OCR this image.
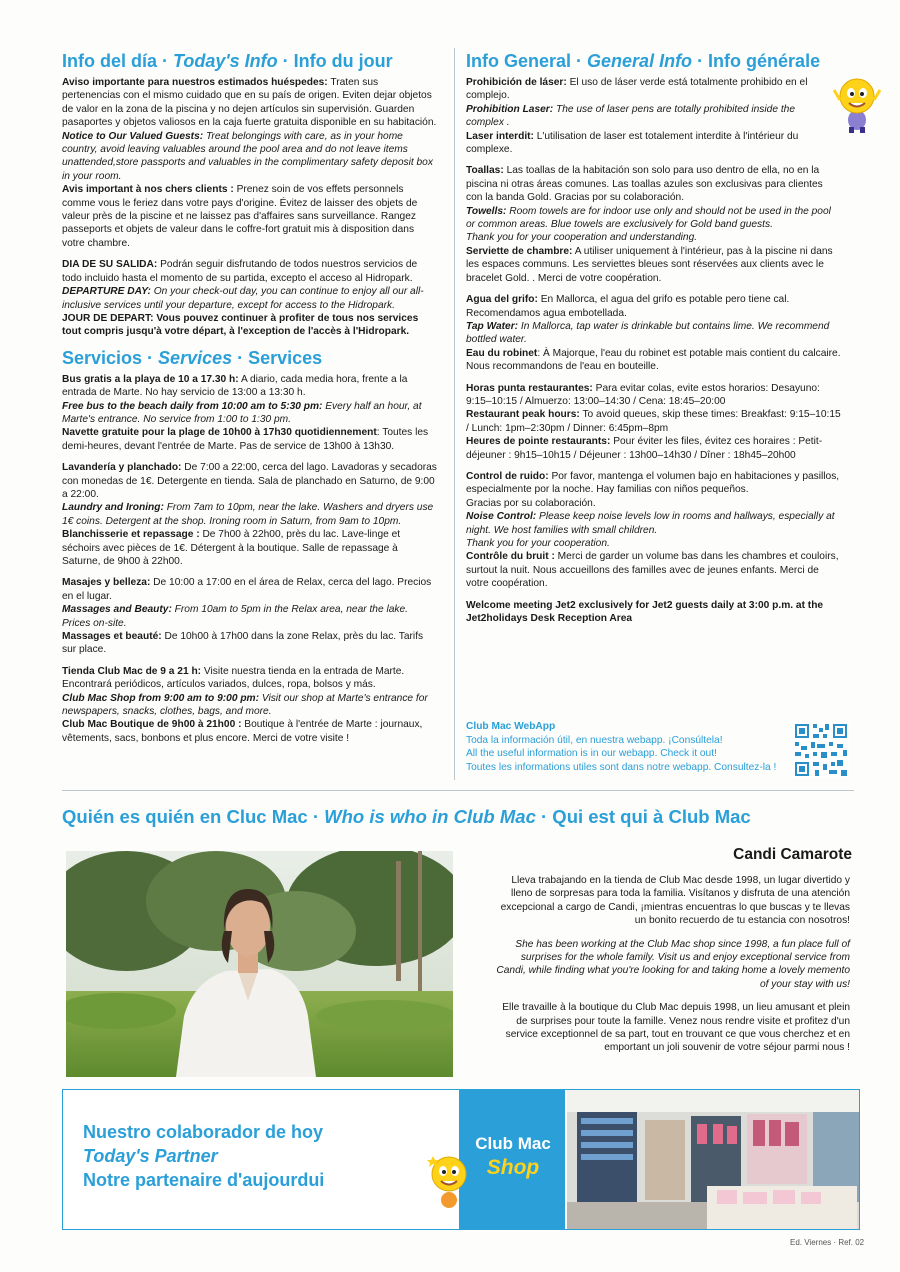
Info del día · Today's Info · Info du jour
Aviso importante para nuestros estimados huéspedes: Traten sus pertenencias con el mismo cuidado que en su país de origen. Eviten dejar objetos de valor en la zona de la piscina y no dejen artículos sin supervisión. Guarden pasaportes y objetos valiosos en la caja fuerte gratuita disponible en su habitación.
Notice to Our Valued Guests: Treat belongings with care, as in your home country, avoid leaving valuables around the pool area and do not leave items unattended,store passports and valuables in the complimentary safety deposit box in your room.
Avis important à nos chers clients : Prenez soin de vos effets personnels comme vous le feriez dans votre pays d'origine. Évitez de laisser des objets de valeur près de la piscine et ne laissez pas d'affaires sans surveillance. Rangez passeports et objets de valeur dans le coffre-fort gratuit mis à disposition dans votre chambre.
DIA DE SU SALIDA: Podrán seguir disfrutando de todos nuestros servicios de todo incluido hasta el momento de su partida, excepto el acceso al Hidropark.
DEPARTURE DAY: On your check-out day, you can continue to enjoy all our all-inclusive services until your departure, except for access to the Hidropark.
JOUR DE DEPART: Vous pouvez continuer à profiter de tous nos services tout compris jusqu'à votre départ, à l'exception de l'accès à l'Hidropark.
Servicios · Services · Services
Bus gratis a la playa de 10 a 17.30 h: A diario, cada media hora, frente a la entrada de Marte. No hay servicio de 13:00 a 13:30 h.
Free bus to the beach daily from 10:00 am to 5:30 pm: Every half an hour, at Marte's entrance. No service from 1:00 to 1:30 pm.
Navette gratuite pour la plage de 10h00 à 17h30 quotidiennement: Toutes les demi-heures, devant l'entrée de Marte. Pas de service de 13h00 à 13h30.
Lavandería y planchado: De 7:00 a 22:00, cerca del lago. Lavadoras y secadoras con monedas de 1€. Detergente en tienda. Sala de planchado en Saturno, de 9:00 a 22:00.
Laundry and Ironing: From 7am to 10pm, near the lake. Washers and dryers use 1€ coins. Detergent at the shop. Ironing room in Saturn, from 9am to 10pm.
Blanchisserie et repassage : De 7h00 à 22h00, près du lac. Lave-linge et séchoirs avec pièces de 1€. Détergent à la boutique. Salle de repassage à Saturne, de 9h00 à 22h00.
Masajes y belleza: De 10:00 a 17:00 en el área de Relax, cerca del lago. Precios en el lugar.
Massages and Beauty: From 10am to 5pm in the Relax area, near the lake. Prices on-site.
Massages et beauté: De 10h00 à 17h00 dans la zone Relax, près du lac. Tarifs sur place.
Tienda Club Mac de 9 a 21 h: Visite nuestra tienda en la entrada de Marte. Encontrará periódicos, artículos variados, dulces, ropa, bolsos y más.
Club Mac Shop from 9:00 am to 9:00 pm: Visit our shop at Marte's entrance for newspapers, snacks, clothes, bags, and more.
Club Mac Boutique de 9h00 à 21h00 : Boutique à l'entrée de Marte : journaux, vêtements, sacs, bonbons et plus encore. Merci de votre visite !
Info General · General Info · Info générale
Prohibición de láser: El uso de láser verde está totalmente prohibido en el complejo.
Prohibition Laser: The use of laser pens are totally prohibited inside the complex .
Laser interdit: L'utilisation de laser est totalement interdite à l'intérieur du complexe.
Toallas: Las toallas de la habitación son solo para uso dentro de ella, no en la piscina ni otras áreas comunes. Las toallas azules son exclusivas para clientes con la banda Gold. Gracias por su colaboración.
Towells: Room towels are for indoor use only and should not be used in the pool or common areas. Blue towels are exclusively for Gold band guests.
Thank you for your cooperation and understanding.
Serviette de chambre: A utiliser uniquement à l'intérieur, pas à la piscine ni dans les espaces communs. Les serviettes bleues sont réservées aux clients avec le bracelet Gold. . Merci de votre coopération.
Agua del grifo: En Mallorca, el agua del grifo es potable pero tiene cal. Recomendamos agua embotellada.
Tap Water: In Mallorca, tap water is drinkable but contains lime. We recommend bottled water.
Eau du robinet: À Majorque, l'eau du robinet est potable mais contient du calcaire. Nous recommandons de l'eau en bouteille.
Horas punta restaurantes: Para evitar colas, evite estos horarios: Desayuno: 9:15–10:15 / Almuerzo: 13:00–14:30 / Cena: 18:45–20:00
Restaurant peak hours: To avoid queues, skip these times: Breakfast: 9:15–10:15 / Lunch: 1pm–2:30pm / Dinner: 6:45pm–8pm
Heures de pointe restaurants: Pour éviter les files, évitez ces horaires : Petit-déjeuner : 9h15–10h15 / Déjeuner : 13h00–14h30 / Dîner : 18h45–20h00
Control de ruido: Por favor, mantenga el volumen bajo en habitaciones y pasillos, especialmente por la noche. Hay familias con niños pequeños.
Gracias por su colaboración.
Noise Control: Please keep noise levels low in rooms and hallways, especially at night. We host families with small children.
Thank you for your cooperation.
Contrôle du bruit : Merci de garder un volume bas dans les chambres et couloirs, surtout la nuit. Nous accueillons des familles avec de jeunes enfants. Merci de votre coopération.
Welcome meeting Jet2 exclusively for Jet2 guests daily at 3:00 p.m. at the Jet2holidays Desk Reception Area
Club Mac WebApp
Toda la información útil, en nuestra webapp. ¡Consúltela!
All the useful information is in our webapp. Check it out!
Toutes les informations utiles sont dans notre webapp. Consultez-la !
Quién es quién en Cluc Mac · Who is who in Club Mac · Qui est qui à Club Mac
Candi Camarote

Lleva trabajando en la tienda de Club Mac desde 1998, un lugar divertido y lleno de sorpresas para toda la familia. Visítanos y disfruta de una atención excepcional a cargo de Candi, ¡mientras encuentras lo que buscas y te llevas un bonito recuerdo de tu estancia con nosotros!

She has been working at the Club Mac shop since 1998, a fun place full of surprises for the whole family. Visit us and enjoy exceptional service from Candi, while finding what you're looking for and taking home a lovely memento of your stay with us!

Elle travaille à la boutique du Club Mac depuis 1998, un lieu amusant et plein de surprises pour toute la famille. Venez nous rendre visite et profitez d'un service exceptionnel de sa part, tout en trouvant ce que vous cherchez et en emportant un joli souvenir de votre séjour parmi nous !

Nuestro colaborador de hoy
Today's Partner
Notre partenaire d'aujourdui
Club Mac
Shop
Ed. Viernes · Ref. 02
